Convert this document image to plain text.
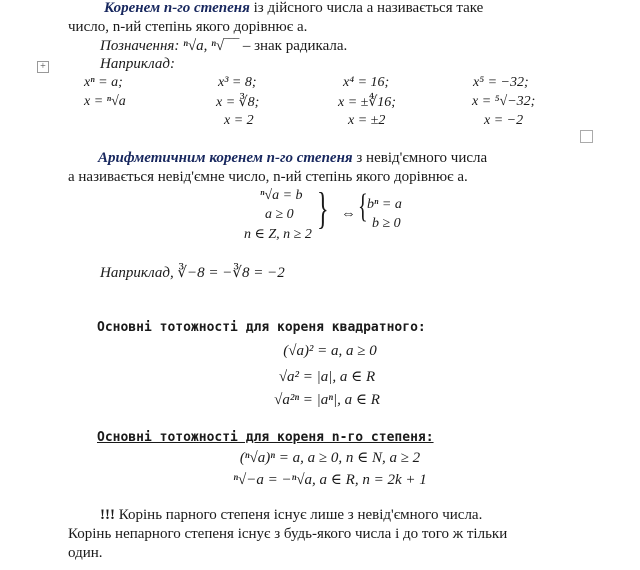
Коренем n-го степеня із дійсного числа a називається таке
число, n-ий степінь якого дорівнює a.
Позначення: ⁿ√a, ⁿ√‾‾‾ – знак радикала.
+	Наприклад:
xⁿ = a;
x = ⁿ√a
x³ = 8;
x = ∛8;
x = 2
x⁴ = 16;
x = ±∜16;
x = ±2
x⁵ = −32;
x = ⁵√−32;
x = −2
Арифметичним коренем n-го степеня з невід'ємного числа
a називається невід'ємне число, n-ий степінь якого дорівнює a.
ⁿ√a = b
a ≥ 0
n ∈ Z, n ≥ 2
} ⇔ { bⁿ = a
b ≥ 0
Наприклад, ∛−8 = −∛8 = −2
Основні тотожності для кореня квадратного:
(√a)² = a, a ≥ 0
√a² = |a|, a ∈ R
√a²ⁿ = |aⁿ|, a ∈ R
Основні тотожності для кореня n-го степеня:
(ⁿ√a)ⁿ = a, a ≥ 0, n ∈ N, a ≥ 2
ⁿ√−a = −ⁿ√a, a ∈ R, n = 2k + 1
!!! Корінь парного степеня існує лише з невід'ємного числа.
Корінь непарного степеня існує з будь-якого числа і до того ж тільки
один.
